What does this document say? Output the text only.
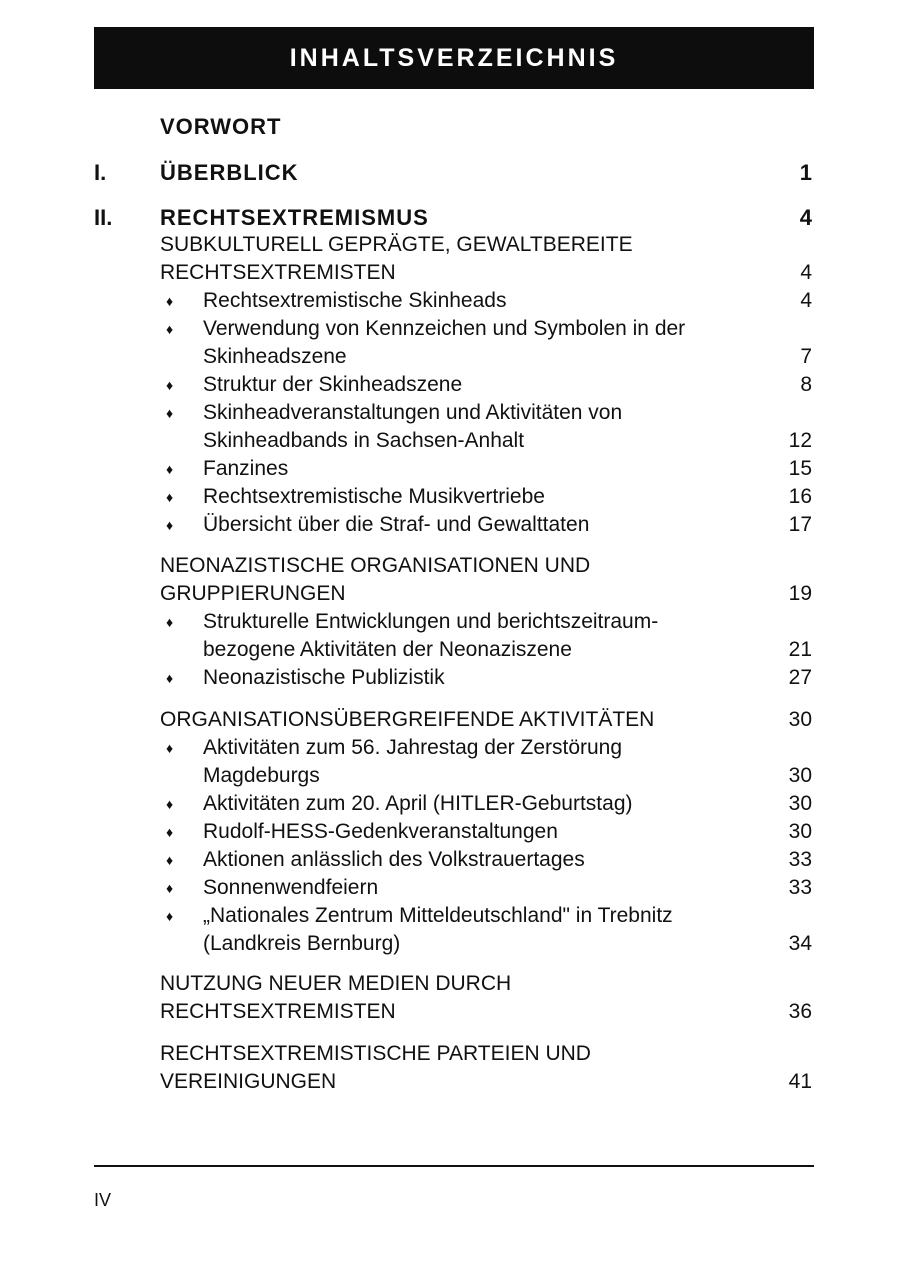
INHALTSVERZEICHNIS
VORWORT
I. ÜBERBLICK	1
II. RECHTSEXTREMISMUS	4
SUBKULTURELL GEPRÄGTE, GEWALTBEREITE
RECHTSEXTREMISTEN	4
♦ Rechtsextremistische Skinheads	4
♦ Verwendung von Kennzeichen und Symbolen in der
Skinheadszene	7
♦ Struktur der Skinheadszene	8
♦ Skinheadveranstaltungen und Aktivitäten von
Skinheadbands in Sachsen-Anhalt	12
♦ Fanzines	15
♦ Rechtsextremistische Musikvertriebe	16
♦ Übersicht über die Straf- und Gewalttaten	17
NEONAZISTISCHE ORGANISATIONEN UND
GRUPPIERUNGEN	19
♦ Strukturelle Entwicklungen und berichtszeitraum-
bezogene Aktivitäten der Neonaziszene	21
♦ Neonazistische Publizistik	27
ORGANISATIONSÜBERGREIFENDE AKTIVITÄTEN	30
♦ Aktivitäten zum 56. Jahrestag der Zerstörung
Magdeburgs	30
♦ Aktivitäten zum 20. April (HITLER-Geburtstag)	30
♦ Rudolf-HESS-Gedenkveranstaltungen	30
♦ Aktionen anlässlich des Volkstrauertages	33
♦ Sonnenwendfeiern	33
♦ „Nationales Zentrum Mitteldeutschland" in Trebnitz
(Landkreis Bernburg)	34
NUTZUNG NEUER MEDIEN DURCH
RECHTSEXTREMISTEN	36
RECHTSEXTREMISTISCHE PARTEIEN UND
VEREINIGUNGEN	41
IV
